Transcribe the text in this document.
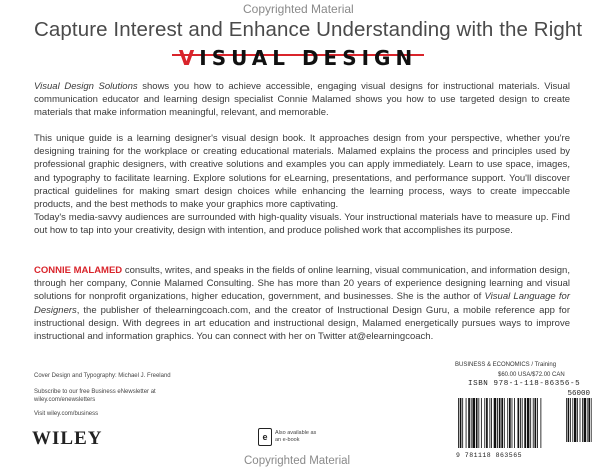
Copyrighted Material
Capture Interest and Enhance Understanding with the Right
VISUAL DESIGN
Visual Design Solutions shows you how to achieve accessible, engaging visual designs for instructional materials. Visual communication educator and learning design specialist Connie Malamed shows you how to use targeted design to create materials that make information meaningful, relevant, and memorable.
This unique guide is a learning designer's visual design book. It approaches design from your perspective, whether you're designing training for the workplace or creating educational materials. Malamed explains the process and principles used by professional graphic designers, with creative solutions and examples you can apply immediately. Learn to use space, images, and typography to facilitate learning. Explore solutions for eLearning, presentations, and performance support. You'll discover practical guidelines for making smart design choices while enhancing the learning process, ways to create impeccable products, and the best methods to make your graphics more captivating.
Today's media-savvy audiences are surrounded with high-quality visuals. Your instructional materials have to measure up. Find out how to tap into your creativity, design with intention, and produce polished work that accomplishes its purpose.
CONNIE MALAMED consults, writes, and speaks in the fields of online learning, visual communication, and information design, through her company, Connie Malamed Consulting. She has more than 20 years of experience designing learning and visual solutions for nonprofit organizations, higher education, government, and businesses. She is the author of Visual Language for Designers, the publisher of thelearningcoach.com, and the creator of Instructional Design Guru, a mobile reference app for instructional design. With degrees in art education and instructional design, Malamed energetically pursues ways to improve instructional and information graphics. You can connect with her on Twitter at@elearningcoach.
Cover Design and Typography: Michael J. Freeland
Subscribe to our free Business eNewsletter at wiley.com/enewsletters
Visit wiley.com/business
WILEY	e	Also available as an e-book
Copyrighted Material
BUSINESS & ECONOMICS / Training
$60.00 USA/$72.00 CAN
ISBN 978-1-118-86356-5
56000
9 781118 863565
